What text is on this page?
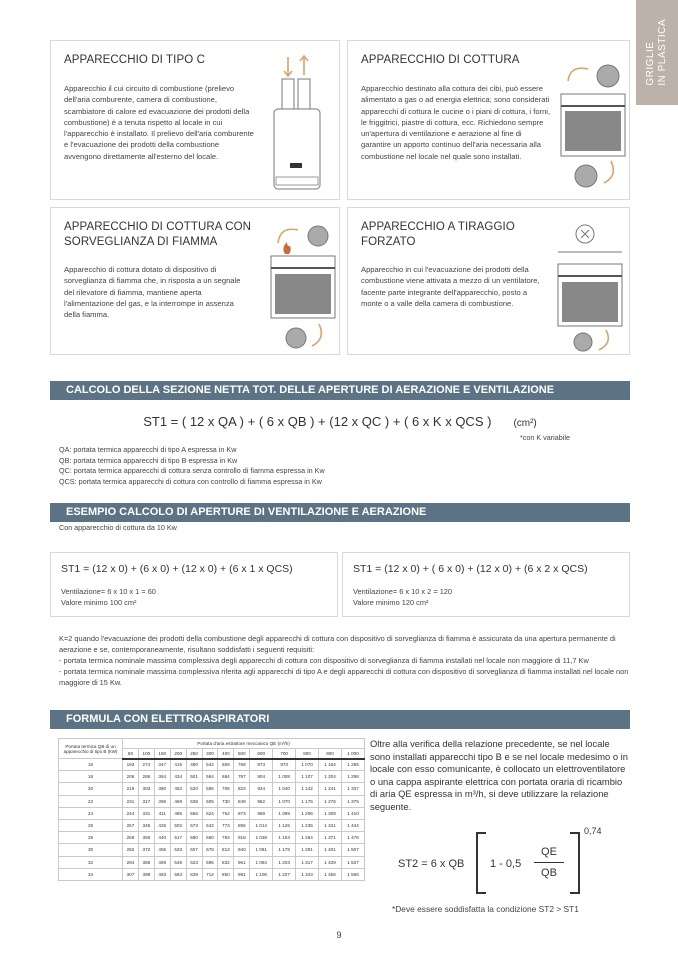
GRIGLIE
IN PLASTICA
APPARECCHIO DI TIPO C

Apparecchio il cui circuito di combustione (prelievo dell'aria comburente, camera di combustione, scambiatore di calore ed evacuazione dei prodotti della combustione) è a tenuta rispetto al locale in cui l'apparecchio è installato. Il prelievo dell'aria comburente e l'evacuazione dei prodotti della combustione avvengono direttamente all'esterno del locale.

APPARECCHIO DI COTTURA

Apparecchio destinato alla cottura dei cibi, può essere alimentato a gas o ad energia elettrica; sono considerati apparecchi di cottura le cucine o i piani di cottura, i forni, le friggitrici, piastre di cottura, ecc. Richiedono sempre un'apertura di ventilazione e aerazione al fine di garantire un apporto continuo dell'aria necessaria alla combustione nel locale nel quale sono installati.

APPARECCHIO DI COTTURA CON SORVEGLIANZA DI FIAMMA

Apparecchio di cottura dotato di dispositivo di sorveglianza di fiamma che, in risposta a un segnale del rilevatore di fiamma, mantiene aperta l'alimentazione del gas, e la interrompe in assenza della fiamma.

APPARECCHIO A TIRAGGIO FORZATO

Apparecchio in cui l'evacuazione dei prodotti della combustione viene attivata a mezzo di un ventilatore, facente parte integrante dell'apparecchio, posto a monte o a valle della camera di combustione.

CALCOLO DELLA SEZIONE NETTA TOT. DELLE APERTURE DI AERAZIONE E VENTILAZIONE
ST1 = ( 12 x QA ) + ( 6 x QB ) + (12 x QC ) + ( 6 x K x QCS ) (cm²)
*con K variabile
QA: portata termica apparecchi di tipo A espressa in Kw
QB: portata termica apparecchi di tipo B espressa in Kw
QC: portata termica apparecchi di cottura senza controllo di fiamma espressa in Kw
QCS: portata termica apparecchi di cottura con controllo di fiamma espressa in Kw
ESEMPIO CALCOLO DI APERTURE DI VENTILAZIONE E AERAZIONE
Con apparecchio di cottura da 10 Kw
ST1 = (12 x 0) + (6 x 0) + (12 x 0) + (6 x 1 x QCS)
Ventilazione= 6 x 10 x 1 = 60
Valore minimo 100 cm²
ST1 = (12 x 0) + ( 6 x 0) + (12 x 0) + (6 x 2 x QCS)
Ventilazione= 6 x 10 x 2 = 120
Valore minimo 120 cm²
K=2 quando l'evacuazione dei prodotti della combustione degli apparecchi di cottura con dispositivo di sorveglianza di fiamma è assicurata da una apertura permanente di aerazione e se, contemporaneamente, risultano soddisfatti i seguenti requisiti:
- portata termica nominale massima complessiva degli apparecchi di cottura con dispositivo di sorveglianza di fiamma installati nel locale non maggiore di 11,7 Kw
- portata termica nominale massima complessiva riferita agli apparecchi di tipo A e degli apparecchi di cottura con dispositivo di sorveglianza di fiamma installati nel locale non maggiore di 15 Kw.
FORMULA CON ELETTROASPIRATORI
Portata termica QB di un apparecchio di tipo B (kW)	Portata d'aria estrattore meccanico QE (m³/h)												
	50	100	150	200	250	300	400	500	600	700	800	900	1 000
16	193	274	347	416	480	542	659	768	873	973	1 070	1 164	1 255
18	206	289	364	434	501	564	684	797	904	1 008	1 107	1 204	1 298
20	219	303	380	452	520	585	708	823	934	1 040	1 142	1 241	1 337
22	231	317	396	469	538	605	730	849	962	1 070	1 175	1 276	1 375
24	244	331	411	485	556	624	752	873	988	1 099	1 206	1 309	1 410
26	257	345	426	502	573	642	773	896	1 014	1 126	1 235	1 341	1 444
28	269	359	440	517	590	660	793	918	1 038	1 153	1 264	1 371	1 476
30	282	372	455	533	607	678	813	940	1 061	1 178	1 291	1 401	1 507
32	294	385	469	548	623	695	832	961	1 084	1 203	1 317	1 429	1 537
34	307	398	483	563	639	712	850	981	1 106	1 227	1 343	1 456	1 566
Oltre alla verifica della relazione precedente, se nel locale sono installati apparecchi tipo B e se nel locale medesimo o in locale con esso comunicante, è collocato un elettroventilatore o una cappa aspirante elettrica con portata oraria di ricambio di aria QE espressa in m³/h, si deve utilizzare la relazione seguente.
ST2 = 6 x QB 1 - 0,5
QE
QB
0,74
*Deve essere soddisfatta la condizione ST2 > ST1
9
